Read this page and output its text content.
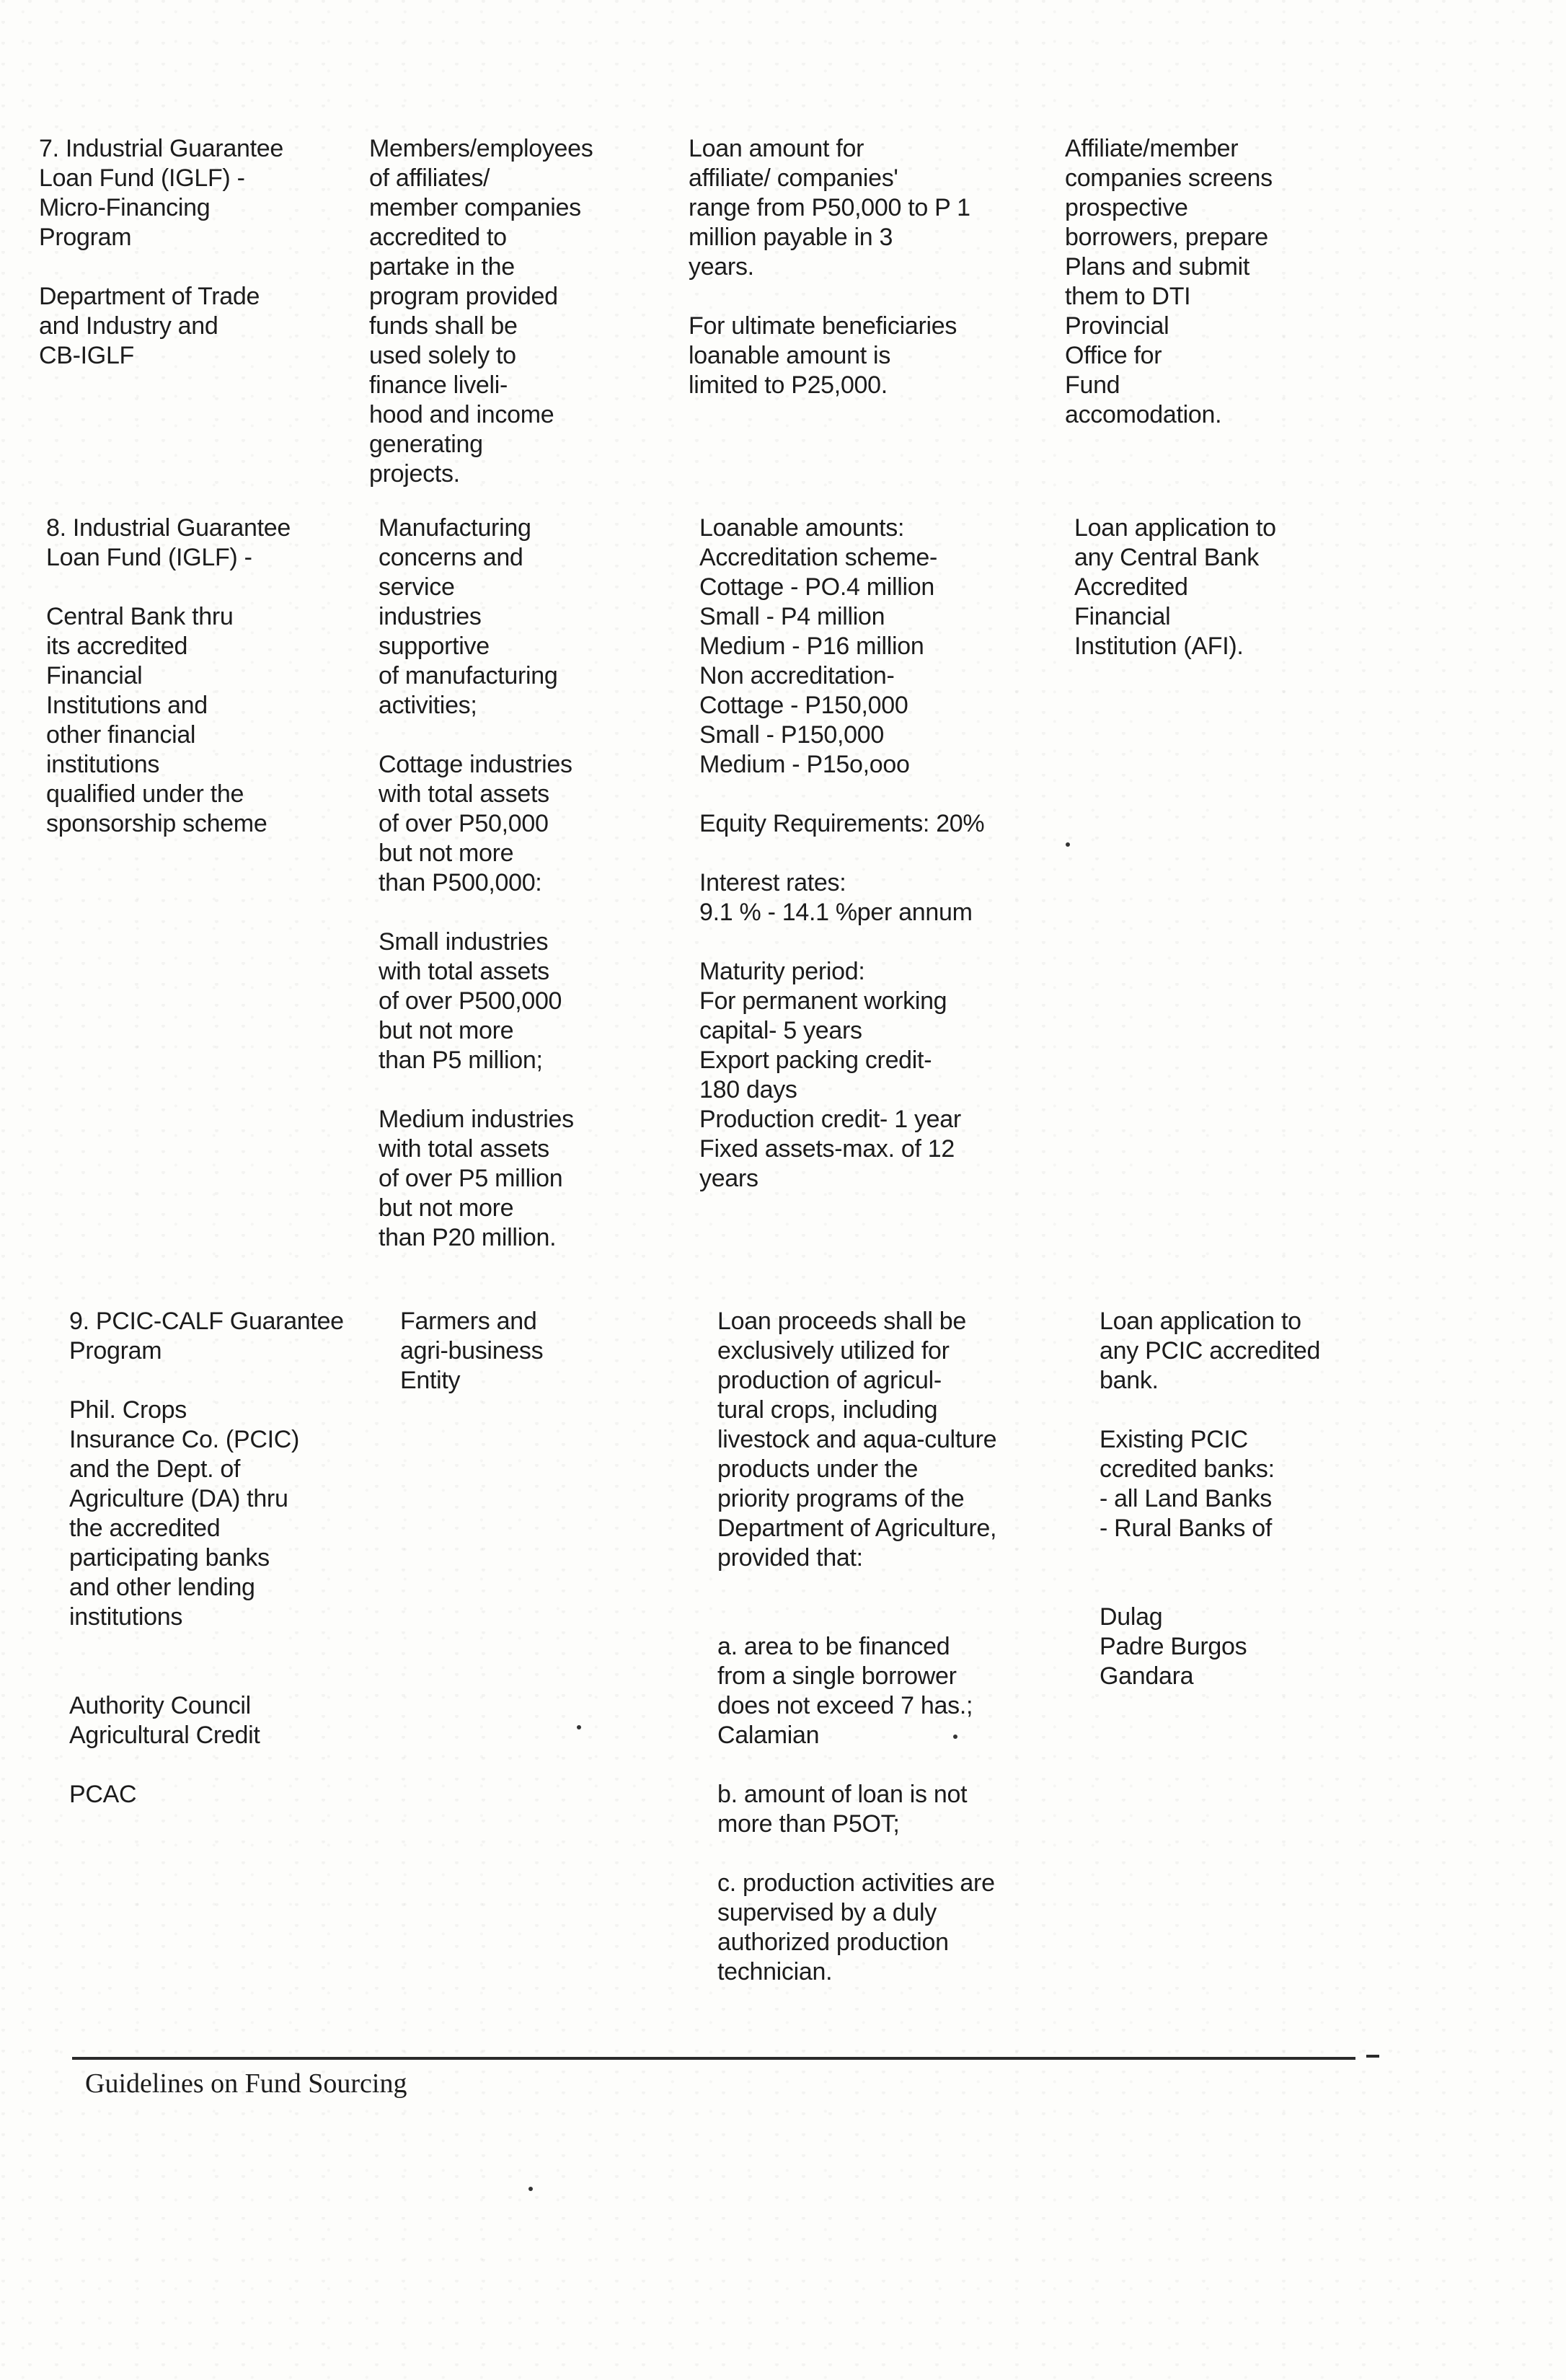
7. Industrial Guarantee
Loan Fund (IGLF) -
Micro-Financing
Program
Department of Trade
and Industry and
CB-IGLF
Members/employees
of affiliates/
member companies
accredited to
partake in the
program provided
funds shall be
used solely to
finance liveli-
hood and income
generating
projects.
Loan amount for
affiliate/ companies'
range from P50,000 to P 1
million payable in 3
years.
For ultimate beneficiaries
loanable amount is
limited to P25,000.
Affiliate/member
companies screens
prospective
borrowers, prepare
Plans and submit
them to DTI
Provincial
Office for
Fund
accomodation.
8. Industrial Guarantee
Loan Fund (IGLF) -
Central Bank thru
its accredited
Financial
Institutions and
other financial
institutions
qualified under the
sponsorship scheme
Manufacturing
concerns and
service
industries
supportive
of manufacturing
activities;
Cottage industries
with total assets
of over P50,000
but not more
than P500,000:
Small industries
with total assets
of over P500,000
but not more
than P5 million;
Medium industries
with total assets
of over P5 million
but not more
than P20 million.
Loanable amounts:
Accreditation scheme-
Cottage - PO.4 million
Small - P4 million
Medium - P16 million
Non accreditation-
Cottage - P150,000
Small - P150,000
Medium - P15o,ooo
Equity Requirements: 20%
Interest rates:
9.1 % - 14.1 %per annum
Maturity period:
For permanent working
capital- 5 years
Export packing credit-
180 days
Production credit- 1 year
Fixed assets-max. of 12
years
Loan application to
any Central Bank
Accredited
Financial
Institution (AFI).
9. PCIC-CALF Guarantee
Program
Phil. Crops
Insurance Co. (PCIC)
and the Dept. of
Agriculture (DA) thru
the accredited
participating banks
and other lending
institutions
Authority Council
Agricultural Credit
PCAC
Farmers and
agri-business
Entity
Loan proceeds shall be
exclusively utilized for
production of agricul-
tural crops, including
livestock and aqua-culture
products under the
priority programs of the
Department of Agriculture,
provided that:
a. area to be financed
from a single borrower
does not exceed 7 has.;
Calamian
b. amount of loan is not
more than P5OT;
c. production activities are
supervised by a duly
authorized production
technician.
Loan application to
any PCIC accredited
bank.
Existing PCIC
ccredited banks:
- all Land Banks
- Rural Banks of
Dulag
Padre Burgos
Gandara
Guidelines on Fund Sourcing
